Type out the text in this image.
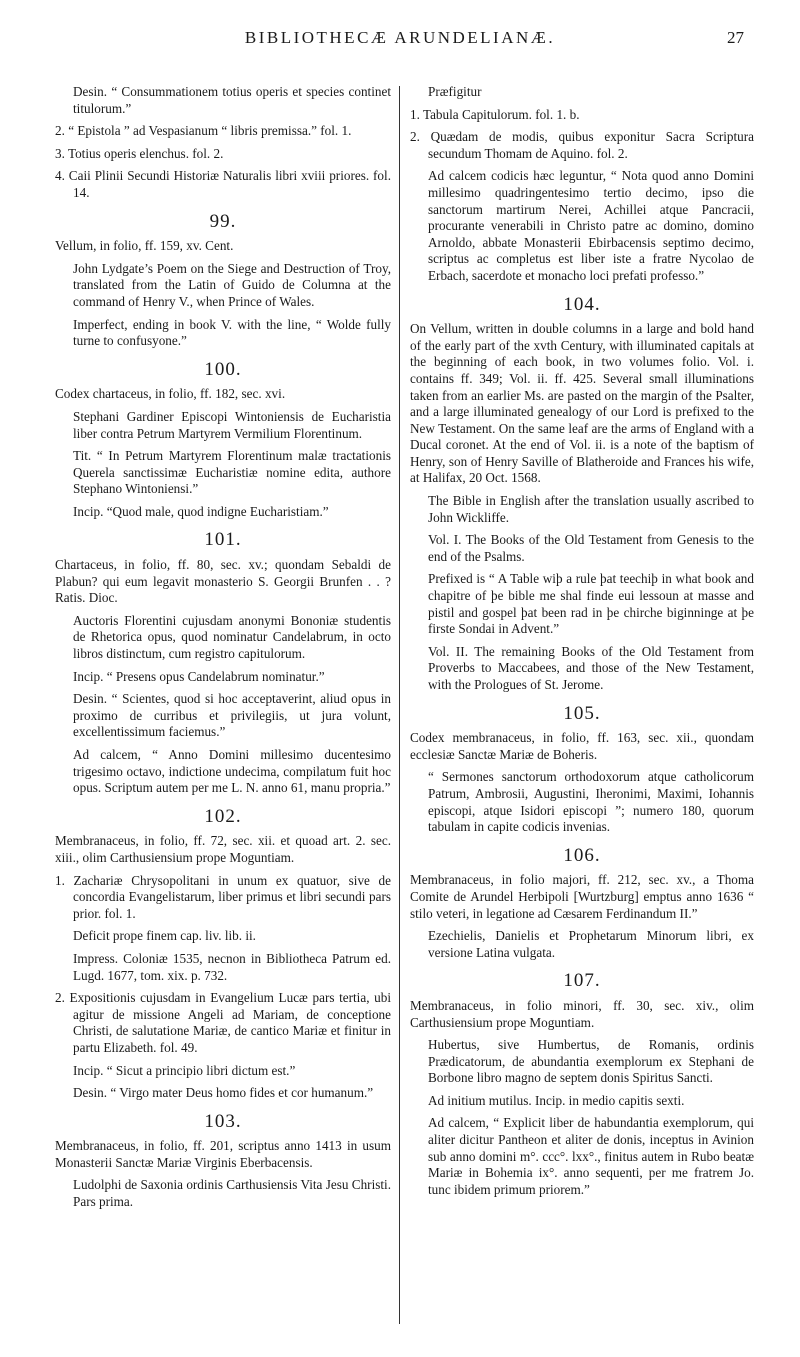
BIBLIOTHECÆ ARUNDELIANÆ.	27

Desin. “ Consummationem totius operis et species continet titulorum.”

2. “ Epistola ” ad Vespasianum “ libris premissa.” fol. 1.

3. Totius operis elenchus. fol. 2.

4. Caii Plinii Secundi Historiæ Naturalis libri xviii priores. fol. 14.

99.

Vellum, in folio, ff. 159, xv. Cent.

John Lydgate’s Poem on the Siege and Destruction of Troy, translated from the Latin of Guido de Columna at the command of Henry V., when Prince of Wales.

Imperfect, ending in book V. with the line, “ Wolde fully turne to confusyone.”

100.

Codex chartaceus, in folio, ff. 182, sec. xvi.

Stephani Gardiner Episcopi Wintoniensis de Eucharistia liber contra Petrum Martyrem Vermilium Florentinum.

Tit. “ In Petrum Martyrem Florentinum malæ tractationis Querela sanctissimæ Eucharistiæ nomine edita, authore Stephano Wintoniensi.”

Incip. “Quod male, quod indigne Eucharistiam.”

101.

Chartaceus, in folio, ff. 80, sec. xv.; quondam Sebaldi de Plabun? qui eum legavit monasterio S. Georgii Brunfen . . ? Ratis. Dioc.

Auctoris Florentini cujusdam anonymi Bononiæ studentis de Rhetorica opus, quod nominatur Candelabrum, in octo libros distinctum, cum registro capitulorum.

Incip. “ Presens opus Candelabrum nominatur.”

Desin. “ Scientes, quod si hoc acceptaverint, aliud opus in proximo de curribus et privilegiis, ut jura volunt, excellentissimum faciemus.”

Ad calcem, “ Anno Domini millesimo ducentesimo trigesimo octavo, indictione undecima, compilatum fuit hoc opus. Scriptum autem per me L. N. anno 61, manu propria.”

102.

Membranaceus, in folio, ff. 72, sec. xii. et quoad art. 2. sec. xiii., olim Carthusiensium prope Moguntiam.

1. Zachariæ Chrysopolitani in unum ex quatuor, sive de concordia Evangelistarum, liber primus et libri secundi pars prior. fol. 1.

Deficit prope finem cap. liv. lib. ii.

Impress. Coloniæ 1535, necnon in Bibliotheca Patrum ed. Lugd. 1677, tom. xix. p. 732.

2. Expositionis cujusdam in Evangelium Lucæ pars tertia, ubi agitur de missione Angeli ad Mariam, de conceptione Christi, de salutatione Mariæ, de cantico Mariæ et finitur in partu Elizabeth. fol. 49.

Incip. “ Sicut a principio libri dictum est.”

Desin. “ Virgo mater Deus homo fides et cor humanum.”

103.

Membranaceus, in folio, ff. 201, scriptus anno 1413 in usum Monasterii Sanctæ Mariæ Virginis Eberbacensis.

Ludolphi de Saxonia ordinis Carthusiensis Vita Jesu Christi. Pars prima.

Præfigitur

1. Tabula Capitulorum. fol. 1. b.

2. Quædam de modis, quibus exponitur Sacra Scriptura secundum Thomam de Aquino. fol. 2.

Ad calcem codicis hæc leguntur, “ Nota quod anno Domini millesimo quadringentesimo tertio decimo, ipso die sanctorum martirum Nerei, Achillei atque Pancracii, procurante venerabili in Christo patre ac domino, domino Arnoldo, abbate Monasterii Ebirbacensis septimo decimo, scriptus ac completus est liber iste a fratre Nycolao de Erbach, sacerdote et monacho loci prefati professo.”

104.

On Vellum, written in double columns in a large and bold hand of the early part of the xvth Century, with illuminated capitals at the beginning of each book, in two volumes folio. Vol. i. contains ff. 349; Vol. ii. ff. 425. Several small illuminations taken from an earlier Ms. are pasted on the margin of the Psalter, and a large illuminated genealogy of our Lord is prefixed to the New Testament. On the same leaf are the arms of England with a Ducal coronet. At the end of Vol. ii. is a note of the baptism of Henry, son of Henry Saville of Blatheroide and Frances his wife, at Halifax, 20 Oct. 1568.

The Bible in English after the translation usually ascribed to John Wickliffe.

Vol. I. The Books of the Old Testament from Genesis to the end of the Psalms.

Prefixed is “ A Table wiþ a rule þat teechiþ in what book and chapitre of þe bible me shal finde eui lessoun at masse and pistil and gospel þat been rad in þe chirche biginninge at þe firste Sondai in Advent.”

Vol. II. The remaining Books of the Old Testament from Proverbs to Maccabees, and those of the New Testament, with the Prologues of St. Jerome.

105.

Codex membranaceus, in folio, ff. 163, sec. xii., quondam ecclesiæ Sanctæ Mariæ de Boheris.

“ Sermones sanctorum orthodoxorum atque catholicorum Patrum, Ambrosii, Augustini, Iheronimi, Maximi, Iohannis episcopi, atque Isidori episcopi ”; numero 180, quorum tabulam in capite codicis invenias.

106.

Membranaceus, in folio majori, ff. 212, sec. xv., a Thoma Comite de Arundel Herbipoli [Wurtzburg] emptus anno 1636 “ stilo veteri, in legatione ad Cæsarem Ferdinandum II.”

Ezechielis, Danielis et Prophetarum Minorum libri, ex versione Latina vulgata.

107.

Membranaceus, in folio minori, ff. 30, sec. xiv., olim Carthusiensium prope Moguntiam.

Hubertus, sive Humbertus, de Romanis, ordinis Prædicatorum, de abundantia exemplorum ex Stephani de Borbone libro magno de septem donis Spiritus Sancti.

Ad initium mutilus. Incip. in medio capitis sexti.

Ad calcem, “ Explicit liber de habundantia exemplorum, qui aliter dicitur Pantheon et aliter de donis, inceptus in Avinion sub anno domini m°. ccc°. lxx°., finitus autem in Rubo beatæ Mariæ in Bohemia ix°. anno sequenti, per me fratrem Jo. tunc ibidem primum priorem.”
